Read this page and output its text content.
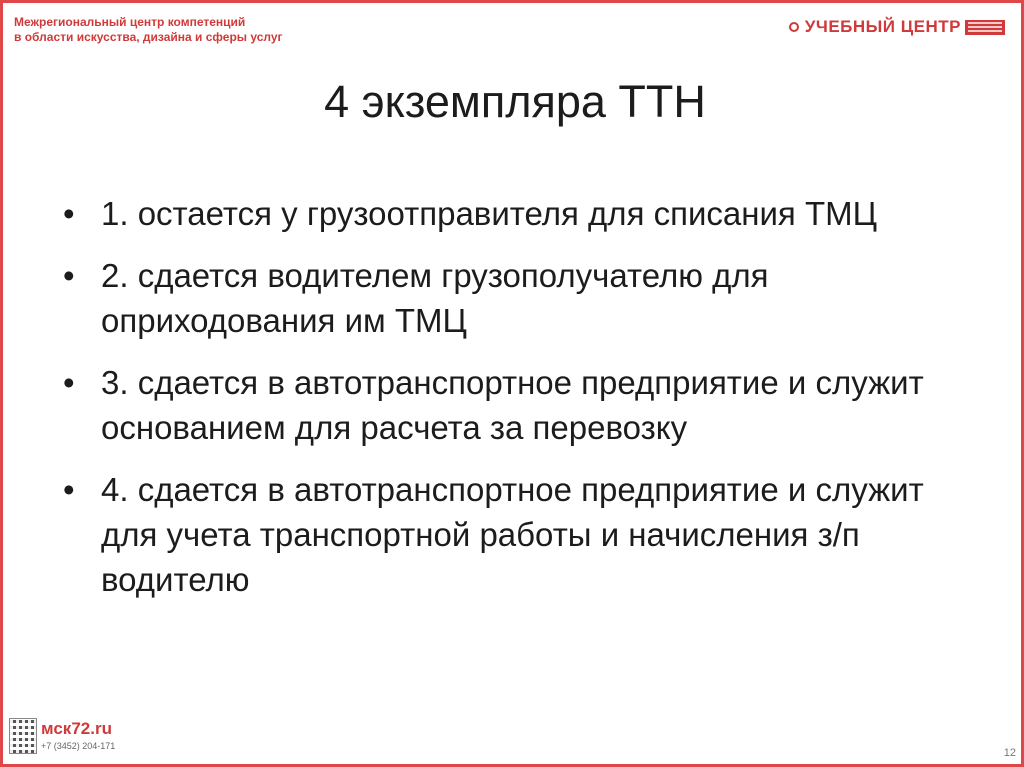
Межрегиональный центр компетенций
в области искусства, дизайна и сферы услуг
УЧЕБНЫЙ ЦЕНТР
4 экземпляра ТТН
• 1. остается у грузоотправителя для списания ТМЦ
• 2. сдается водителем грузополучателю для оприходования им ТМЦ
• 3. сдается в автотранспортное предприятие и служит основанием для расчета за перевозку
• 4. сдается в автотранспортное предприятие и служит для учета транспортной работы и начисления з/п водителю
мск72.ru
+7 (3452) 204-171
12
